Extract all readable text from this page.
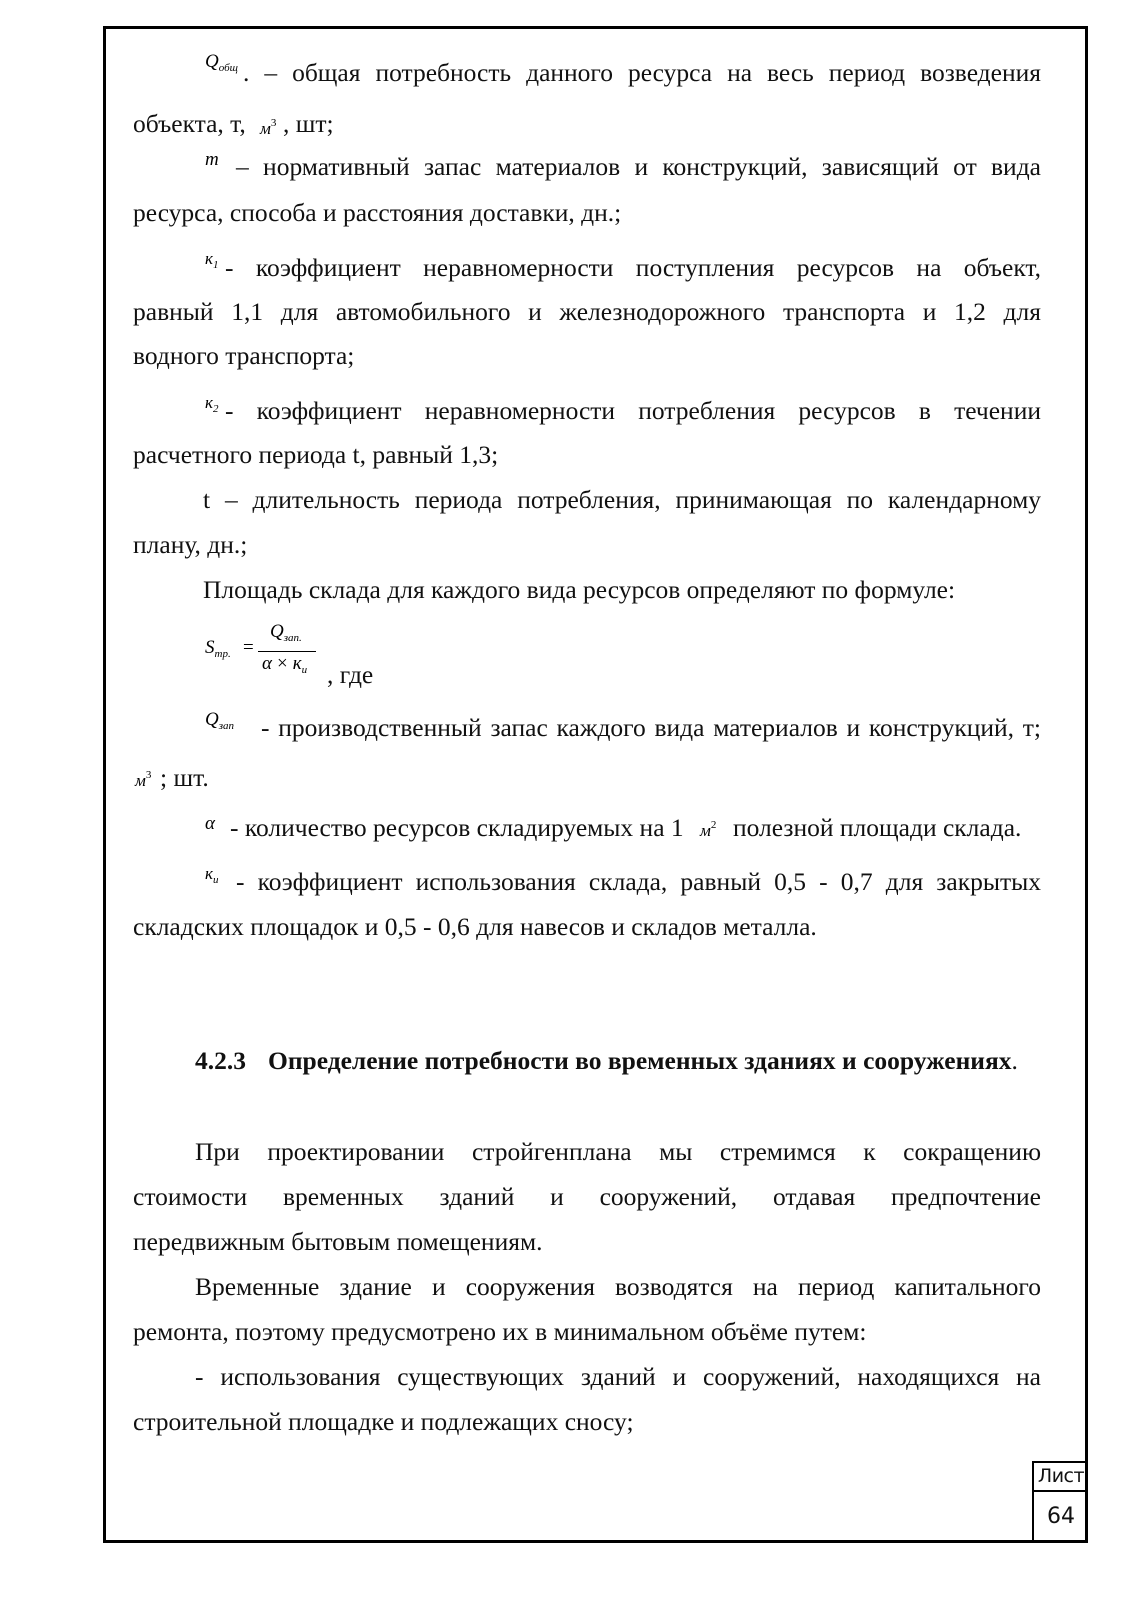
$Q_{общ}$ . – общая потребность данного ресурса на весь период возведения
объекта, т, $м^3$ , шт;
m – нормативный запас материалов и конструкций, зависящий от вида
ресурса, способа и расстояния доставки, дн.;
$к_1$ - коэффициент неравномерности поступления ресурсов на объект,
равный 1,1 для автомобильного и железнодорожного транспорта и 1,2 для
водного транспорта;
$к_2$ - коэффициент неравномерности потребления ресурсов в течении
расчетного периода t, равный 1,3;
t – длительность периода потребления, принимающая по календарному
плану, дн.;
Площадь склада для каждого вида ресурсов определяют по формуле:
$S_{тр.}$ =
$Q_{зап.}$
$\alpha \times к_и$ , где
$Q_{зап}$ - производственный запас каждого вида материалов и конструкций, т;
$м^3$ ; шт.
α - количество ресурсов складируемых на 1 $м^2$ полезной площади склада.
$к_и$ - коэффициент использования склада, равный 0,5 - 0,7 для закрытых
складских площадок и 0,5 - 0,6 для навесов и складов металла.
4.2.3 Определение потребности во временных зданиях и сооружениях.
При проектировании стройгенплана мы стремимся к сокращению
стоимости временных зданий и сооружений, отдавая предпочтение
передвижным бытовым помещениям.
Временные здание и сооружения возводятся на период капитального
ремонта, поэтому предусмотрено их в минимальном объёме путем:
- использования существующих зданий и сооружений, находящихся на
строительной площадке и подлежащих сносу;
Лист
64
